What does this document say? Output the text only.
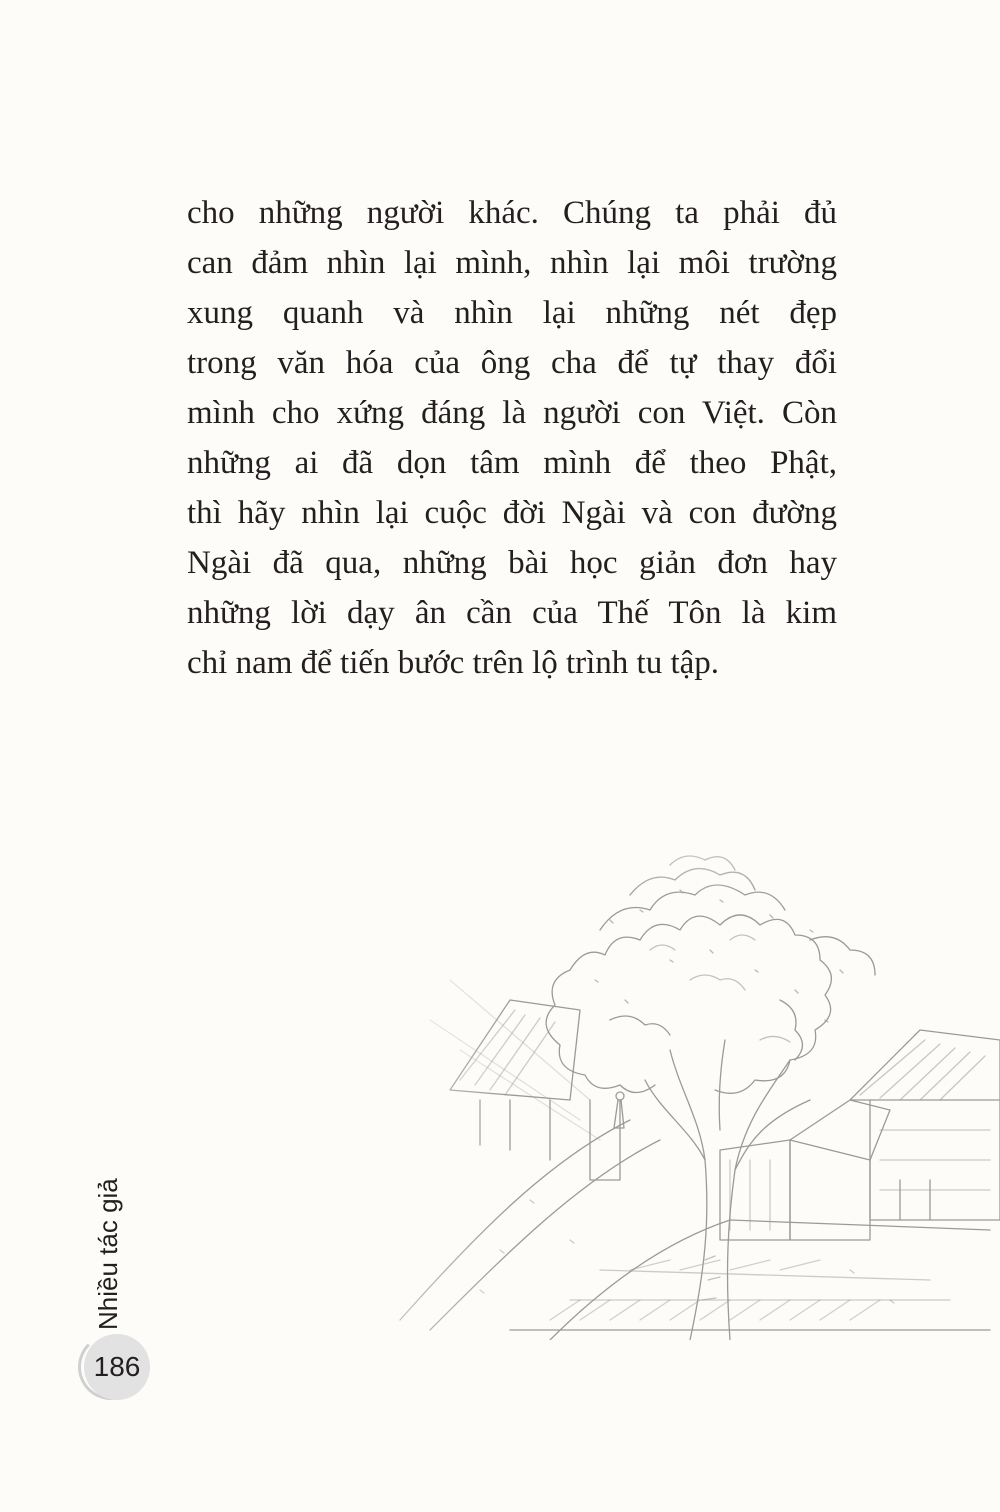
cho những người khác. Chúng ta phải đủ
can đảm nhìn lại mình, nhìn lại môi trường
xung quanh và nhìn lại những nét đẹp
trong văn hóa của ông cha để tự thay đổi
mình cho xứng đáng là người con Việt. Còn
những ai đã dọn tâm mình để theo Phật,
thì hãy nhìn lại cuộc đời Ngài và con đường
Ngài đã qua, những bài học giản đơn hay
những lời dạy ân cần của Thế Tôn là kim
chỉ nam để tiến bước trên lộ trình tu tập.
Nhiều tác giả
186
